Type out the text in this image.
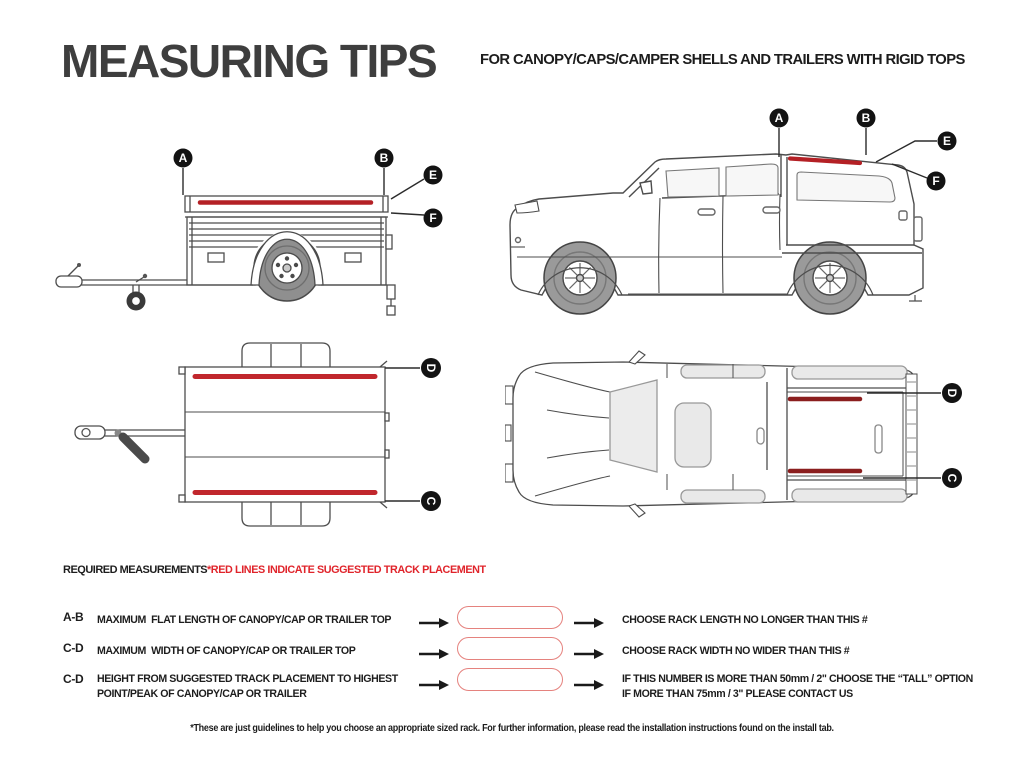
MEASURING TIPS	FOR CANOPY/CAPS/CAMPER SHELLS AND TRAILERS WITH RIGID TOPS
A	B
E
F
A	B
E
F
D
C
D
C
REQUIRED MEASUREMENTS *RED LINES INDICATE SUGGESTED TRACK PLACEMENT
A-B MAXIMUM  FLAT LENGTH OF CANOPY/CAP OR TRAILER TOP	CHOOSE RACK LENGTH NO LONGER THAN THIS #
C-D MAXIMUM  WIDTH OF CANOPY/CAP OR TRAILER TOP	CHOOSE RACK WIDTH NO WIDER THAN THIS #
C-D HEIGHT FROM SUGGESTED TRACK PLACEMENT TO HIGHEST
POINT/PEAK OF CANOPY/CAP OR TRAILER
IF THIS NUMBER IS MORE THAN 50mm / 2" CHOOSE THE “TALL” OPTION
IF MORE THAN 75mm / 3" PLEASE CONTACT US
*These are just guidelines to help you choose an appropriate sized rack. For further information, please read the installation instructions found on the install tab.
